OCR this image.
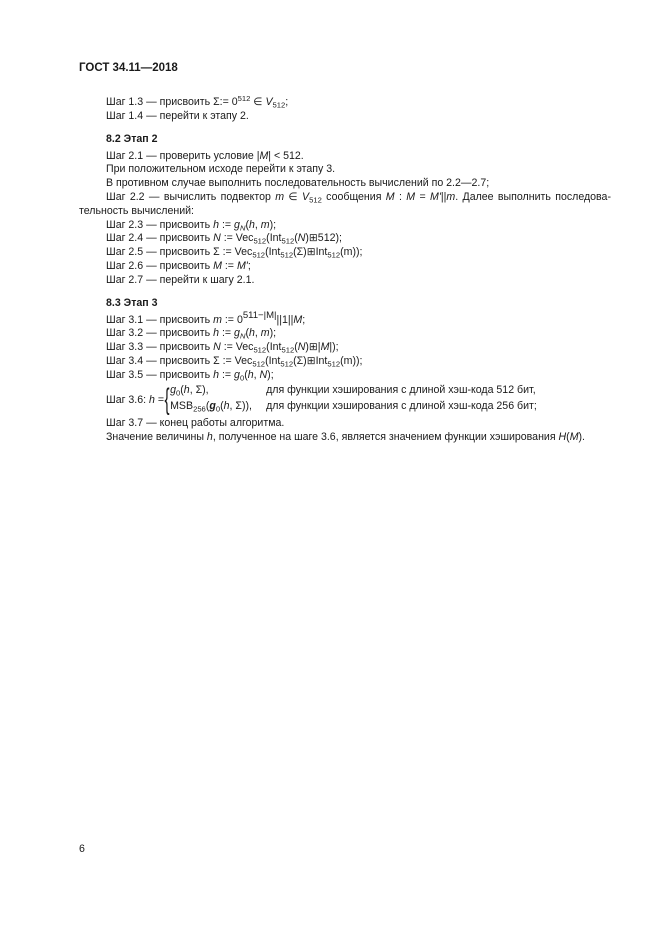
ГОСТ 34.11—2018
Шаг 1.3 — присвоить Σ:= $0^{512}$ ∈ $V_{512}$;
Шаг 1.4 — перейти к этапу 2.
8.2 Этап 2
Шаг 2.1 — проверить условие |M| < 512.
При положительном исходе перейти к этапу 3.
В противном случае выполнить последовательность вычислений по 2.2—2.7;
Шаг 2.2 — вычислить подвектор m ∈ $V_{512}$ сообщения M : M = M'||m. Далее выполнить последова-тельность вычислений:
Шаг 2.3 — присвоить h := $g_N(h$, m);
Шаг 2.4 — присвоить N := Vec$_{512}$(Int$_{512}$(N)⊞512);
Шаг 2.5 — присвоить Σ := Vec$_{512}$(Int$_{512}$(Σ)⊞Int$_{512}$(m));
Шаг 2.6 — присвоить M := M';
Шаг 2.7 — перейти к шагу 2.1.
8.3 Этап 3
Шаг 3.1 — присвоить m := $0^{511-|M|}||1||M$;
Шаг 3.2 — присвоить h := $g_N(h$, m);
Шаг 3.3 — присвоить N := Vec$_{512}$(Int$_{512}$(N)⊞|M|);
Шаг 3.4 — присвоить Σ := Vec$_{512}$(Int$_{512}$(Σ)⊞Int$_{512}$(m));
Шаг 3.5 — присвоить h := $g_0(h$, N);
Шаг 3.6: h = { $g_0(h$, Σ),	для функции хэширования с длиной хэш-кода 512 бит,
$MSB_{256}(g_0(h$, Σ)),	для функции хэширования с длиной хэш-кода 256 бит;
Шаг 3.7 — конец работы алгоритма.
Значение величины h, полученное на шаге 3.6, является значением функции хэширования H(M).
6
